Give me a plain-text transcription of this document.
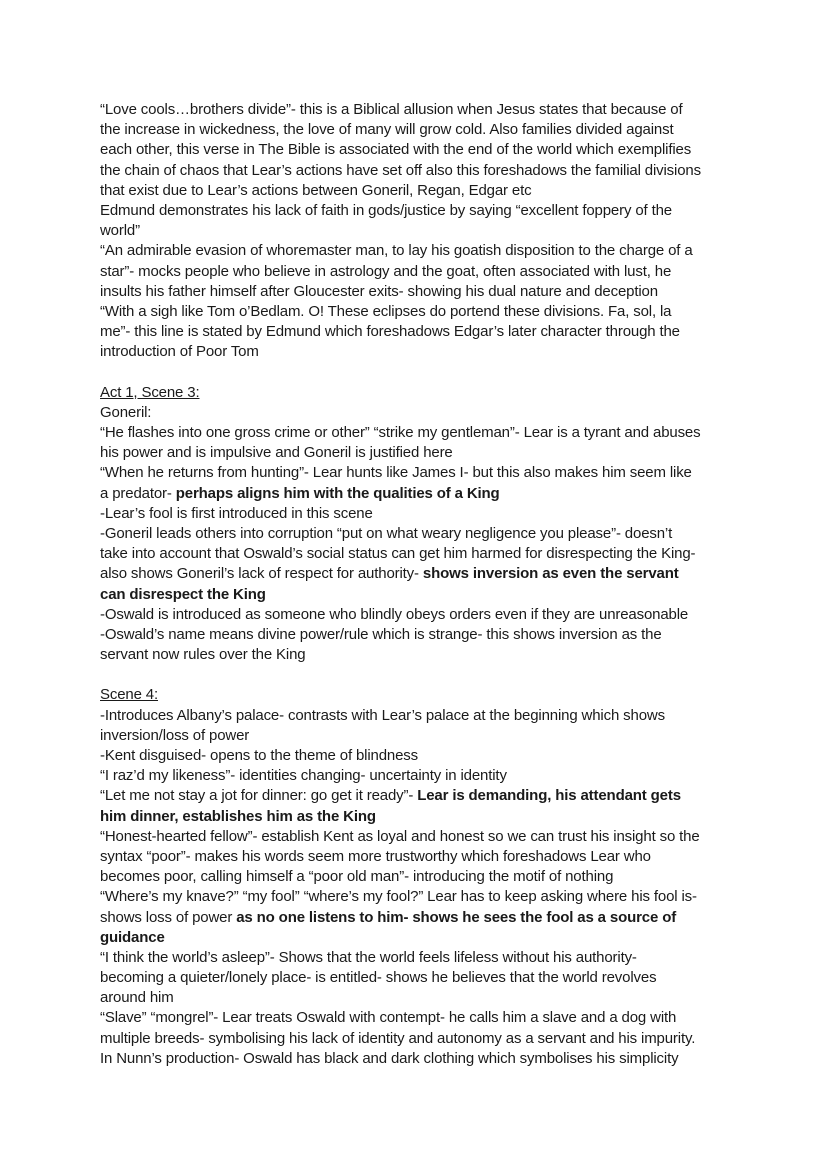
“Love cools…brothers divide”- this is a Biblical allusion when Jesus states that because of
the increase in wickedness, the love of many will grow cold. Also families divided against
each other, this verse in The Bible is associated with the end of the world which exemplifies
the chain of chaos that Lear’s actions have set off also this foreshadows the familial divisions
that exist due to Lear’s actions between Goneril, Regan, Edgar etc
Edmund demonstrates his lack of faith in gods/justice by saying “excellent foppery of the
world”
“An admirable evasion of whoremaster man, to lay his goatish disposition to the charge of a
star”- mocks people who believe in astrology and the goat, often associated with lust, he
insults his father himself after Gloucester exits- showing his dual nature and deception
“With a sigh like Tom o’Bedlam. O! These eclipses do portend these divisions. Fa, sol, la
me”- this line is stated by Edmund which foreshadows Edgar’s later character through the
introduction of Poor Tom
Act 1, Scene 3:
Goneril:
“He flashes into one gross crime or other” “strike my gentleman”- Lear is a tyrant and abuses
his power and is impulsive and Goneril is justified here
“When he returns from hunting”- Lear hunts like James I- but this also makes him seem like
a predator- perhaps aligns him with the qualities of a King
-Lear’s fool is first introduced in this scene
-Goneril leads others into corruption “put on what weary negligence you please”- doesn’t
take into account that Oswald’s social status can get him harmed for disrespecting the King-
also shows Goneril’s lack of respect for authority- shows inversion as even the servant
can disrespect the King
-Oswald is introduced as someone who blindly obeys orders even if they are unreasonable
-Oswald’s name means divine power/rule which is strange- this shows inversion as the
servant now rules over the King
Scene 4:
-Introduces Albany’s palace- contrasts with Lear’s palace at the beginning which shows
inversion/loss of power
-Kent disguised- opens to the theme of blindness
“I raz’d my likeness”- identities changing- uncertainty in identity
“Let me not stay a jot for dinner: go get it ready”- Lear is demanding, his attendant gets
him dinner, establishes him as the King
“Honest-hearted fellow”- establish Kent as loyal and honest so we can trust his insight so the
syntax “poor”- makes his words seem more trustworthy which foreshadows Lear who
becomes poor, calling himself a “poor old man”- introducing the motif of nothing
“Where’s my knave?” “my fool” “where’s my fool?” Lear has to keep asking where his fool is-
shows loss of power as no one listens to him- shows he sees the fool as a source of
guidance
“I think the world’s asleep”- Shows that the world feels lifeless without his authority-
becoming a quieter/lonely place- is entitled- shows he believes that the world revolves
around him
“Slave” “mongrel”- Lear treats Oswald with contempt- he calls him a slave and a dog with
multiple breeds- symbolising his lack of identity and autonomy as a servant and his impurity.
In Nunn’s production- Oswald has black and dark clothing which symbolises his simplicity
